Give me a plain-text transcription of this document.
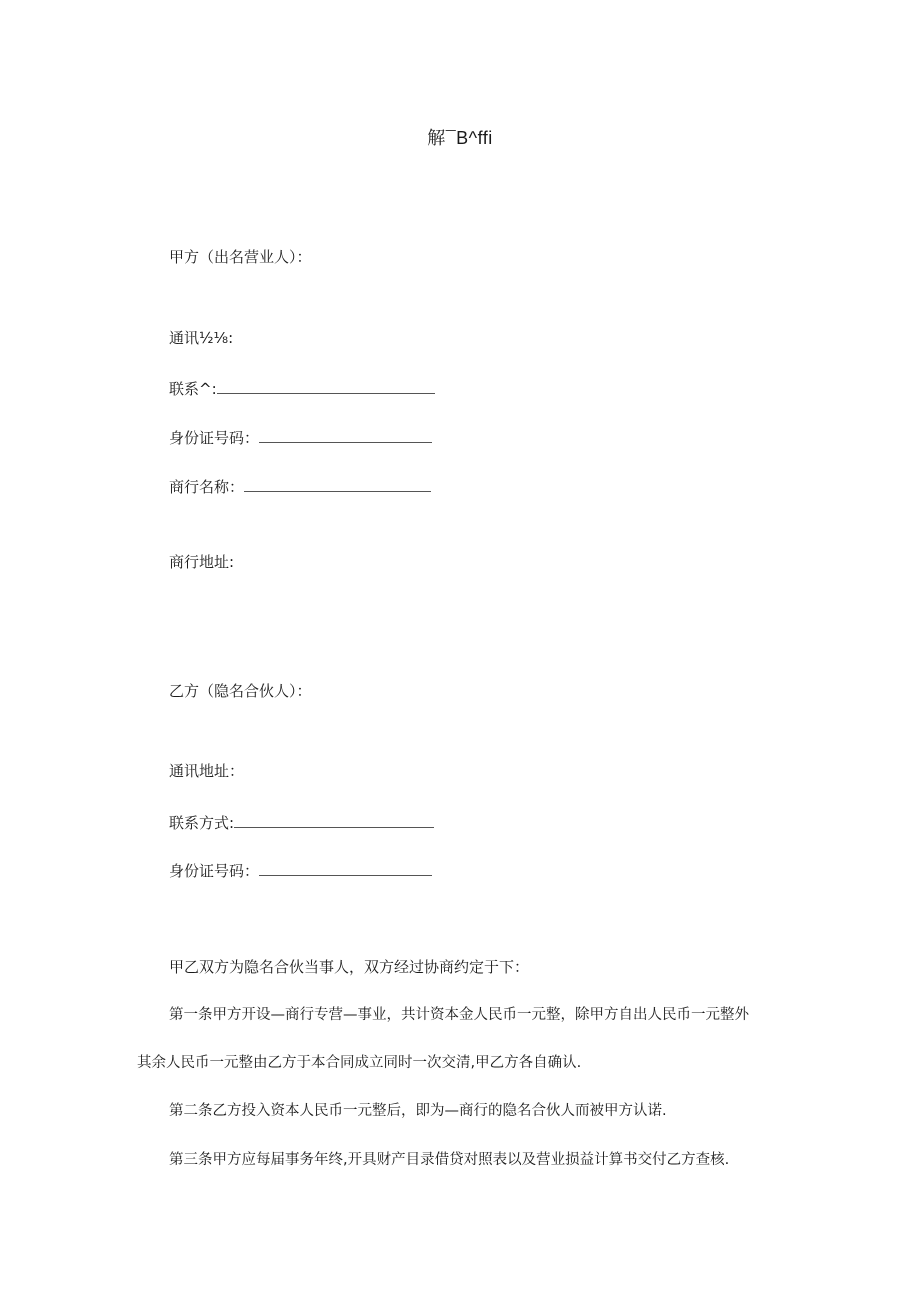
解¯B^ffi
甲方（出名营业人）：
通讯½⅛:
联系^:
身份证号码：
商行名称：
商行地址:
乙方（隐名合伙人）：
通讯地址：
联系方式:
身份证号码：
甲乙双方为隐名合伙当事人，双方经过协商约定于下：
第一条甲方开设—商行专营—事业，共计资本金人民币一元整，除甲方自出人民币一元整外
其余人民币一元整由乙方于本合同成立同时一次交清,甲乙方各自确认.
第二条乙方投入资本人民币一元整后，即为—商行的隐名合伙人而被甲方认诺.
第三条甲方应每届事务年终,开具财产目录借贷对照表以及营业损益计算书交付乙方查核.
